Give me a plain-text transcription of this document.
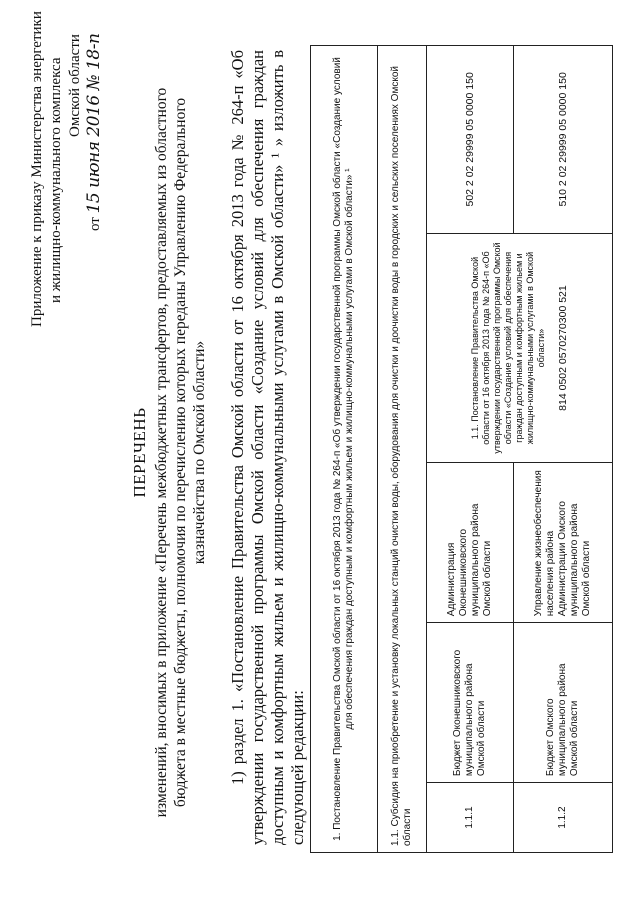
Приложение к приказу Министерства энергетики и жилищно-коммунального комплекса Омской области
от 15 июня 2016 № 18-п
ПЕРЕЧЕНЬ изменений, вносимых в приложение «Перечень межбюджетных трансфертов, предоставляемых из областного бюджета в местные бюджеты, полномочия по перечислению которых переданы Управлению Федерального казначейства по Омской области» 1) раздел 1. «Постановление Правительства Омской области от 16 октября 2013 года № 264-п «Об утверждении государственной программы Омской области «Создание условий для обеспечения граждан доступным и комфортным жильем и жилищно-коммунальными услугами в Омской области» ¹ » изложить в следующей редакции:	1. Постановление Правительства Омской области от 16 октября 2013 года № 264-п «Об утверждении государственной программы Омской области «Создание условий для обеспечения граждан доступным и комфортным жильем и жилищно-коммунальными услугами в Омской области» ¹				
1.1. Субсидия на приобретение и установку локальных станций очистки воды, оборудования для очистки и доочистки воды в городских и сельских поселениях Омской области				
1.1.1	Бюджет Оконешниковского муниципального района Омской области	Администрация Оконешниковского муниципального района Омской области	1.1. Постановление Правительства Омской области от 16 октября 2013 года № 264-п «Об утверждении государственной программы Омской области «Создание условий для обеспечения граждан доступным и комфортным жильем и жилищно-коммунальными услугами в Омской области» 814 0502 0570270300 521	502 2 02 29999 05 0000 150
1.1.2	Бюджет Омского муниципального района Омской области	Управление жизнеобеспечения населения района Администрации Омского муниципального района Омской области		510 2 02 29999 05 0000 150
